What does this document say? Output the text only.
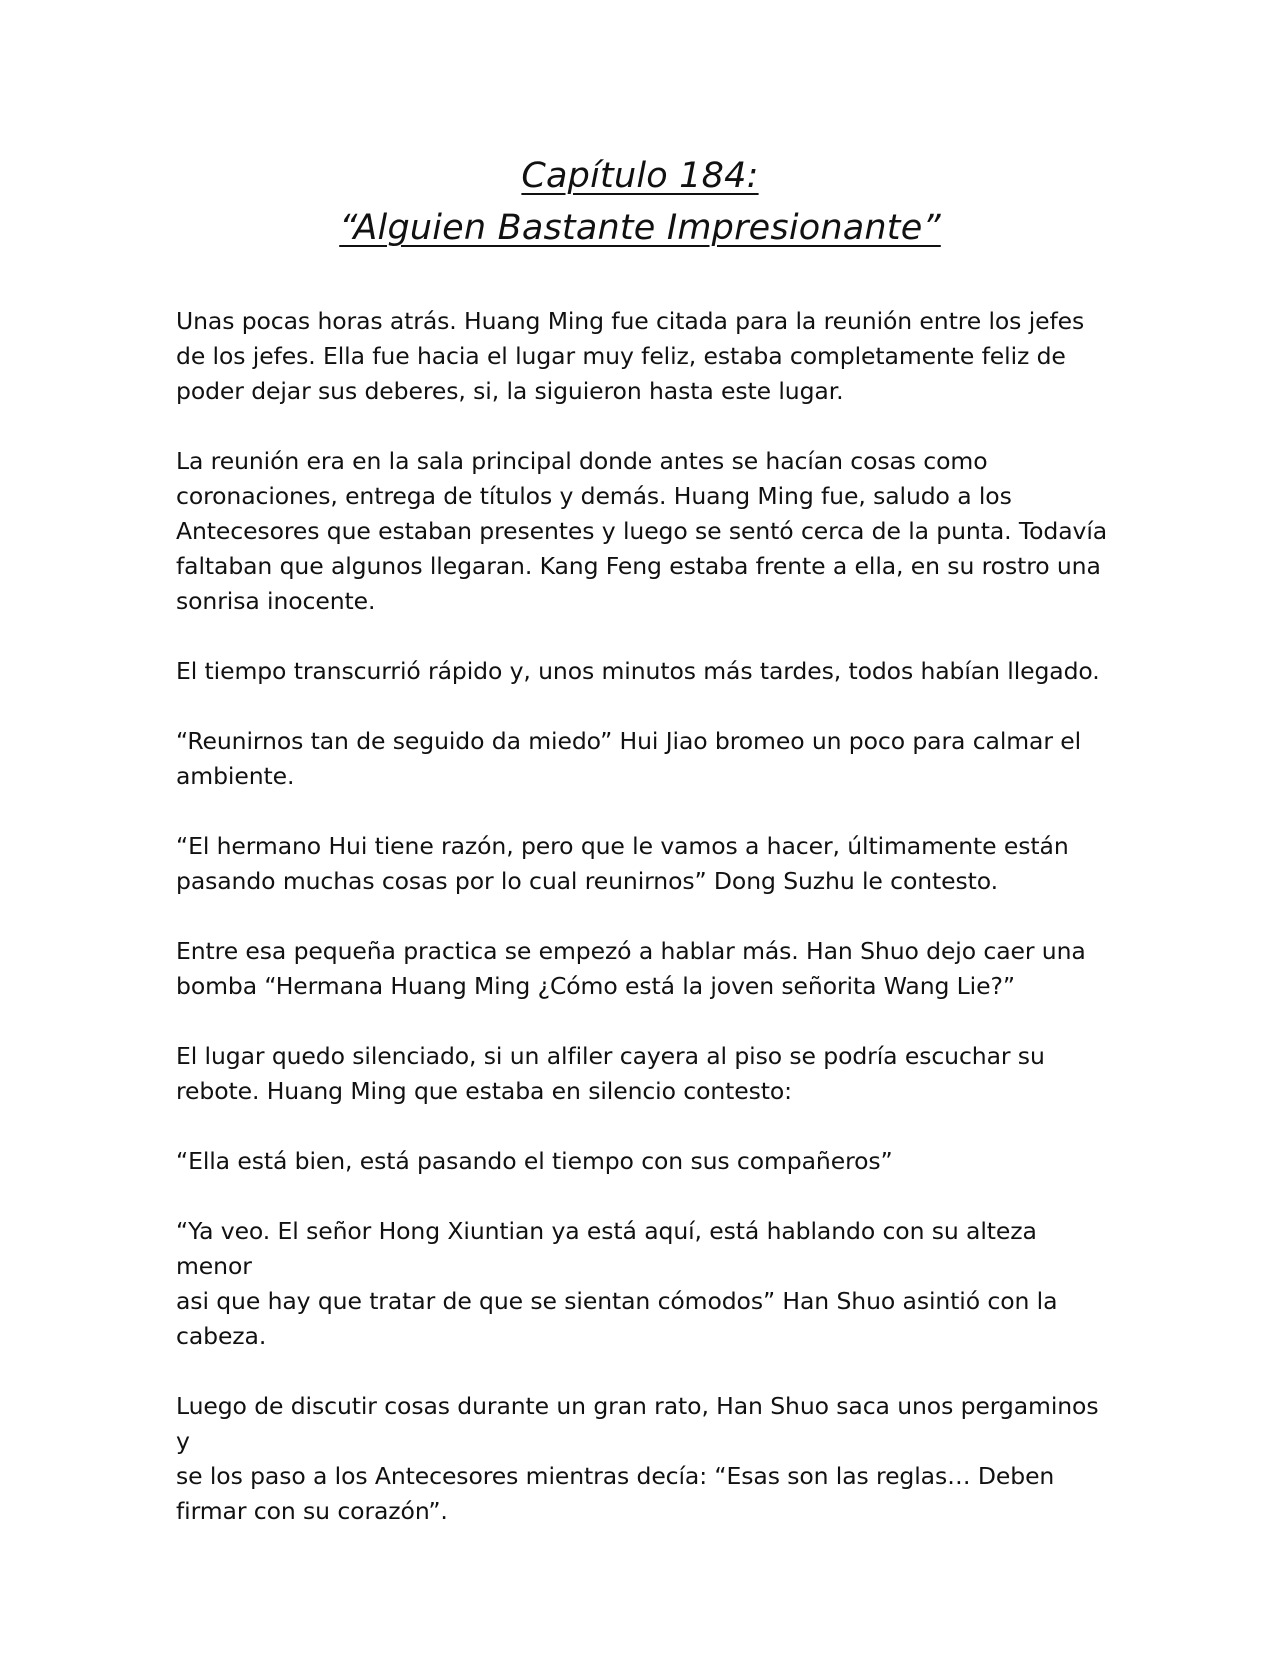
Capítulo 184:
“Alguien Bastante Impresionante”

Unas pocas horas atrás. Huang Ming fue citada para la reunión entre los jefes
de los jefes. Ella fue hacia el lugar muy feliz, estaba completamente feliz de
poder dejar sus deberes, si, la siguieron hasta este lugar.

La reunión era en la sala principal donde antes se hacían cosas como
coronaciones, entrega de títulos y demás. Huang Ming fue, saludo a los
Antecesores que estaban presentes y luego se sentó cerca de la punta. Todavía
faltaban que algunos llegaran. Kang Feng estaba frente a ella, en su rostro una
sonrisa inocente.

El tiempo transcurrió rápido y, unos minutos más tardes, todos habían llegado.

“Reunirnos tan de seguido da miedo” Hui Jiao bromeo un poco para calmar el
ambiente.

“El hermano Hui tiene razón, pero que le vamos a hacer, últimamente están
pasando muchas cosas por lo cual reunirnos” Dong Suzhu le contesto.

Entre esa pequeña practica se empezó a hablar más. Han Shuo dejo caer una
bomba “Hermana Huang Ming ¿Cómo está la joven señorita Wang Lie?”

El lugar quedo silenciado, si un alfiler cayera al piso se podría escuchar su
rebote. Huang Ming que estaba en silencio contesto:

“Ella está bien, está pasando el tiempo con sus compañeros”

“Ya veo. El señor Hong Xiuntian ya está aquí, está hablando con su alteza menor
asi que hay que tratar de que se sientan cómodos” Han Shuo asintió con la
cabeza.

Luego de discutir cosas durante un gran rato, Han Shuo saca unos pergaminos y
se los paso a los Antecesores mientras decía: “Esas son las reglas… Deben
firmar con su corazón”.
